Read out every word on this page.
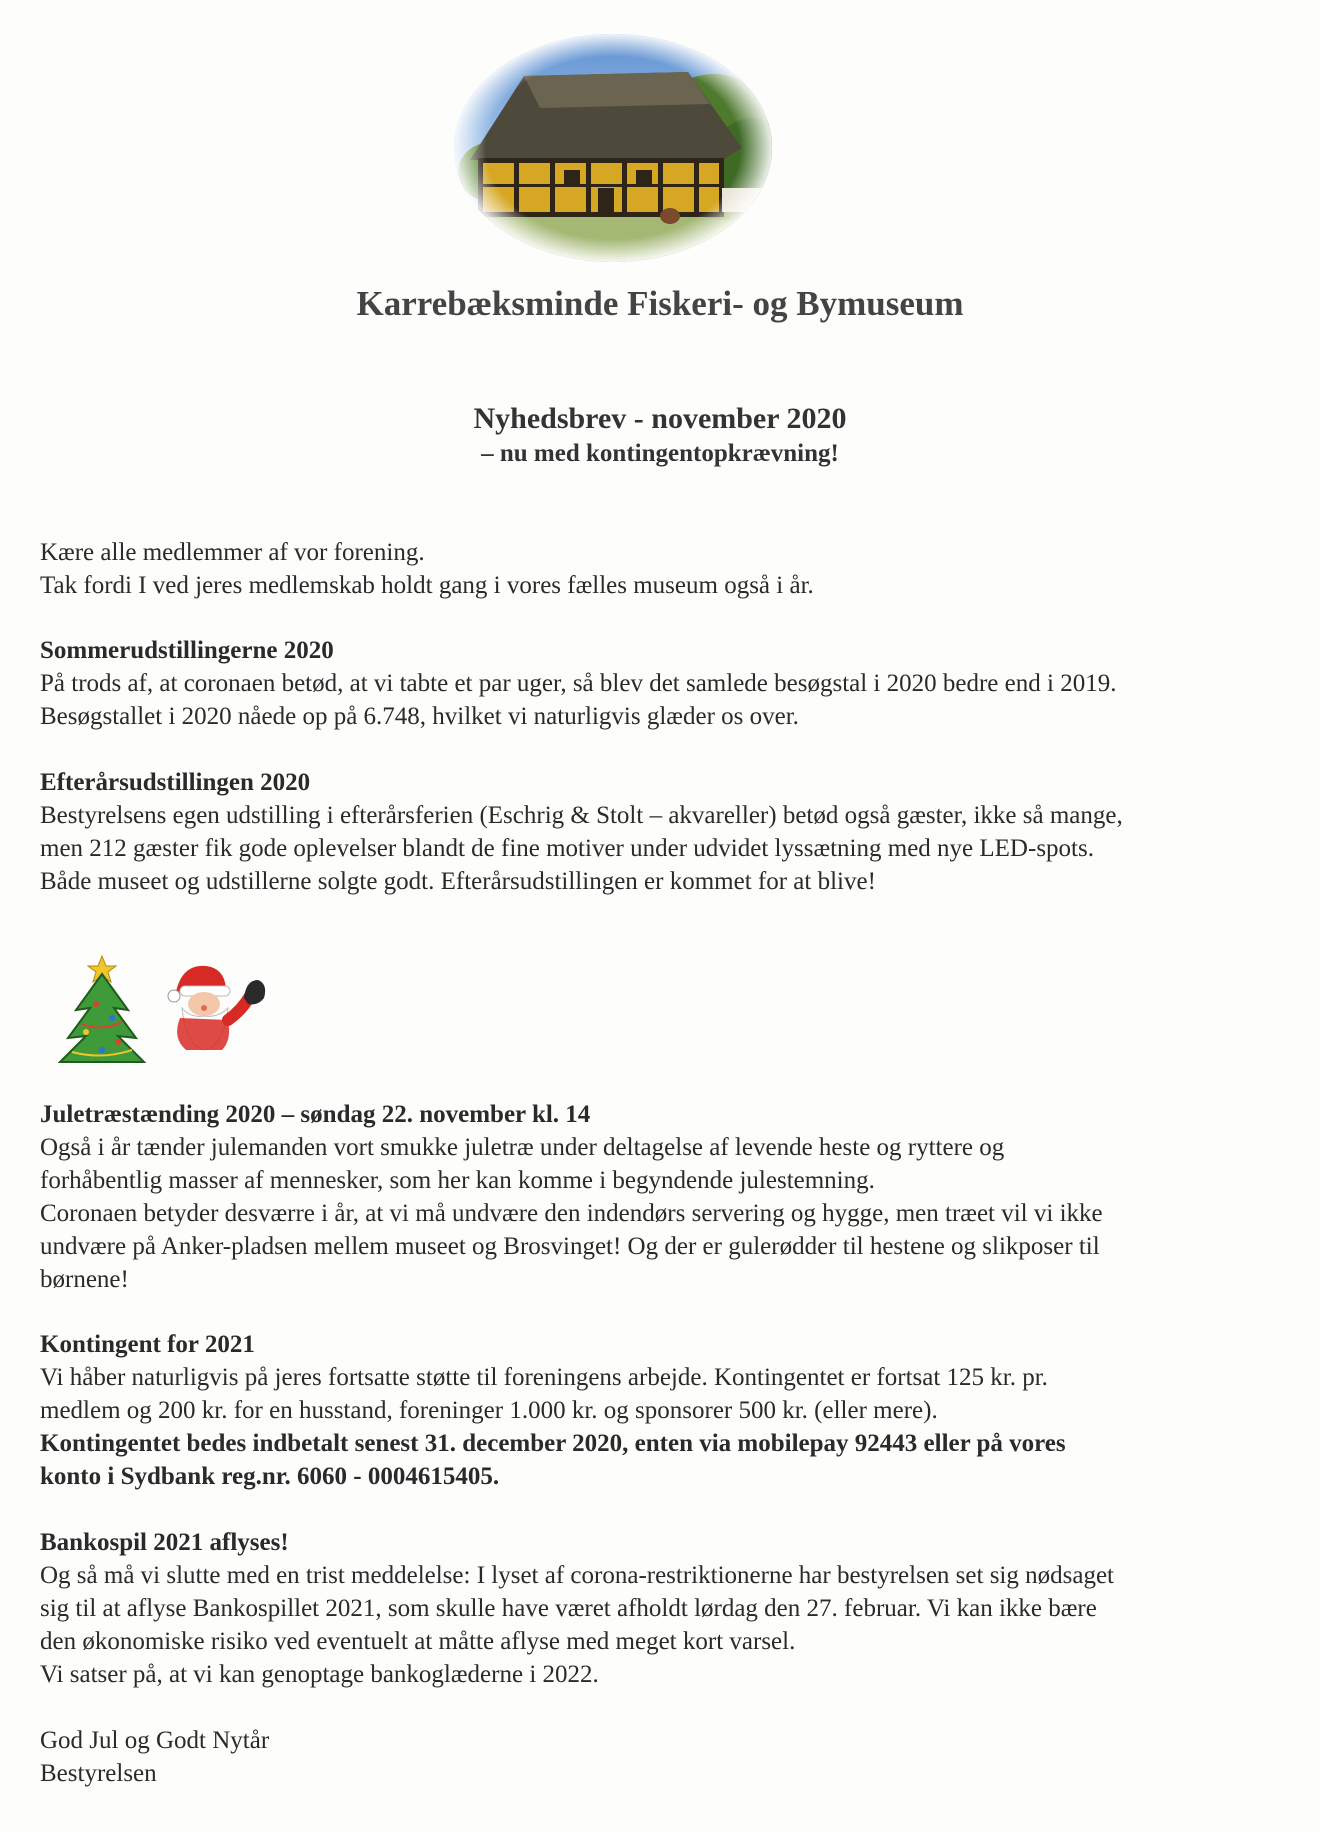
Karrebæksminde Fiskeri- og Bymuseum
Nyhedsbrev - november 2020
– nu med kontingentopkrævning!

Kære alle medlemmer af vor forening.

Tak fordi I ved jeres medlemskab holdt gang i vores fælles museum også i år.

Sommerudstillingerne 2020

På trods af, at coronaen betød, at vi tabte et par uger, så blev det samlede besøgstal i 2020 bedre end i 2019.

Besøgstallet i 2020 nåede op på 6.748, hvilket vi naturligvis glæder os over.

Efterårsudstillingen 2020

Bestyrelsens egen udstilling i efterårsferien (Eschrig & Stolt – akvareller) betød også gæster, ikke så mange,

men 212 gæster fik gode oplevelser blandt de fine motiver under udvidet lyssætning med nye LED-spots.

Både museet og udstillerne solgte godt. Efterårsudstillingen er kommet for at blive!

Juletræstænding 2020 – søndag 22. november kl. 14

Også i år tænder julemanden vort smukke juletræ under deltagelse af levende heste og ryttere og

forhåbentlig masser af mennesker, som her kan komme i begyndende julestemning.

Coronaen betyder desværre i år, at vi må undvære den indendørs servering og hygge, men træet vil vi ikke

undvære på Anker-pladsen mellem museet og Brosvinget! Og der er gulerødder til hestene og slikposer til

børnene!

Kontingent for 2021

Vi håber naturligvis på jeres fortsatte støtte til foreningens arbejde. Kontingentet er fortsat 125 kr. pr.

medlem og 200 kr. for en husstand, foreninger 1.000 kr. og sponsorer 500 kr. (eller mere).

Kontingentet bedes indbetalt senest 31. december 2020, enten via mobilepay 92443 eller på vores

konto i Sydbank reg.nr. 6060 - 0004615405.

Bankospil 2021 aflyses!

Og så må vi slutte med en trist meddelelse: I lyset af corona-restriktionerne har bestyrelsen set sig nødsaget

sig til at aflyse Bankospillet 2021, som skulle have været afholdt lørdag den 27. februar. Vi kan ikke bære

den økonomiske risiko ved eventuelt at måtte aflyse med meget kort varsel.

Vi satser på, at vi kan genoptage bankoglæderne i 2022.

God Jul og Godt Nytår

Bestyrelsen
